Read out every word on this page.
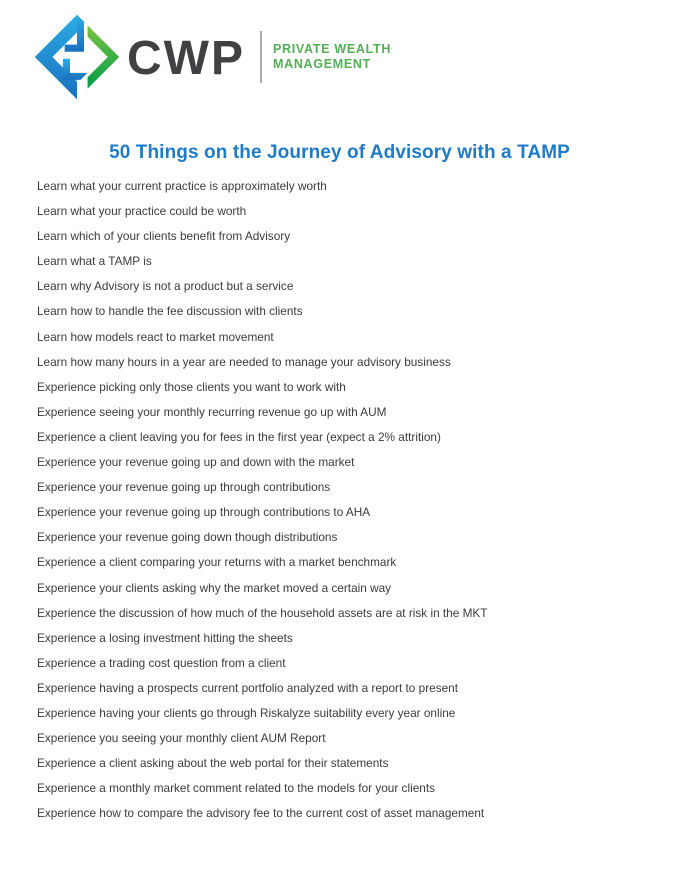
CWP PRIVATE WEALTH
MANAGEMENT
50 Things on the Journey of Advisory with a TAMP
Learn what your current practice is approximately worth
Learn what your practice could be worth
Learn which of your clients benefit from Advisory
Learn what a TAMP is
Learn why Advisory is not a product but a service
Learn how to handle the fee discussion with clients
Learn how models react to market movement
Learn how many hours in a year are needed to manage your advisory business
Experience picking only those clients you want to work with
Experience seeing your monthly recurring revenue go up with AUM
Experience a client leaving you for fees in the first year (expect a 2% attrition)
Experience your revenue going up and down with the market
Experience your revenue going up through contributions
Experience your revenue going up through contributions to AHA
Experience your revenue going down though distributions
Experience a client comparing your returns with a market benchmark
Experience your clients asking why the market moved a certain way
Experience the discussion of how much of the household assets are at risk in the MKT
Experience a losing investment hitting the sheets
Experience a trading cost question from a client
Experience having a prospects current portfolio analyzed with a report to present
Experience having your clients go through Riskalyze suitability every year online
Experience you seeing your monthly client AUM Report
Experience a client asking about the web portal for their statements
Experience a monthly market comment related to the models for your clients
Experience how to compare the advisory fee to the current cost of asset management
